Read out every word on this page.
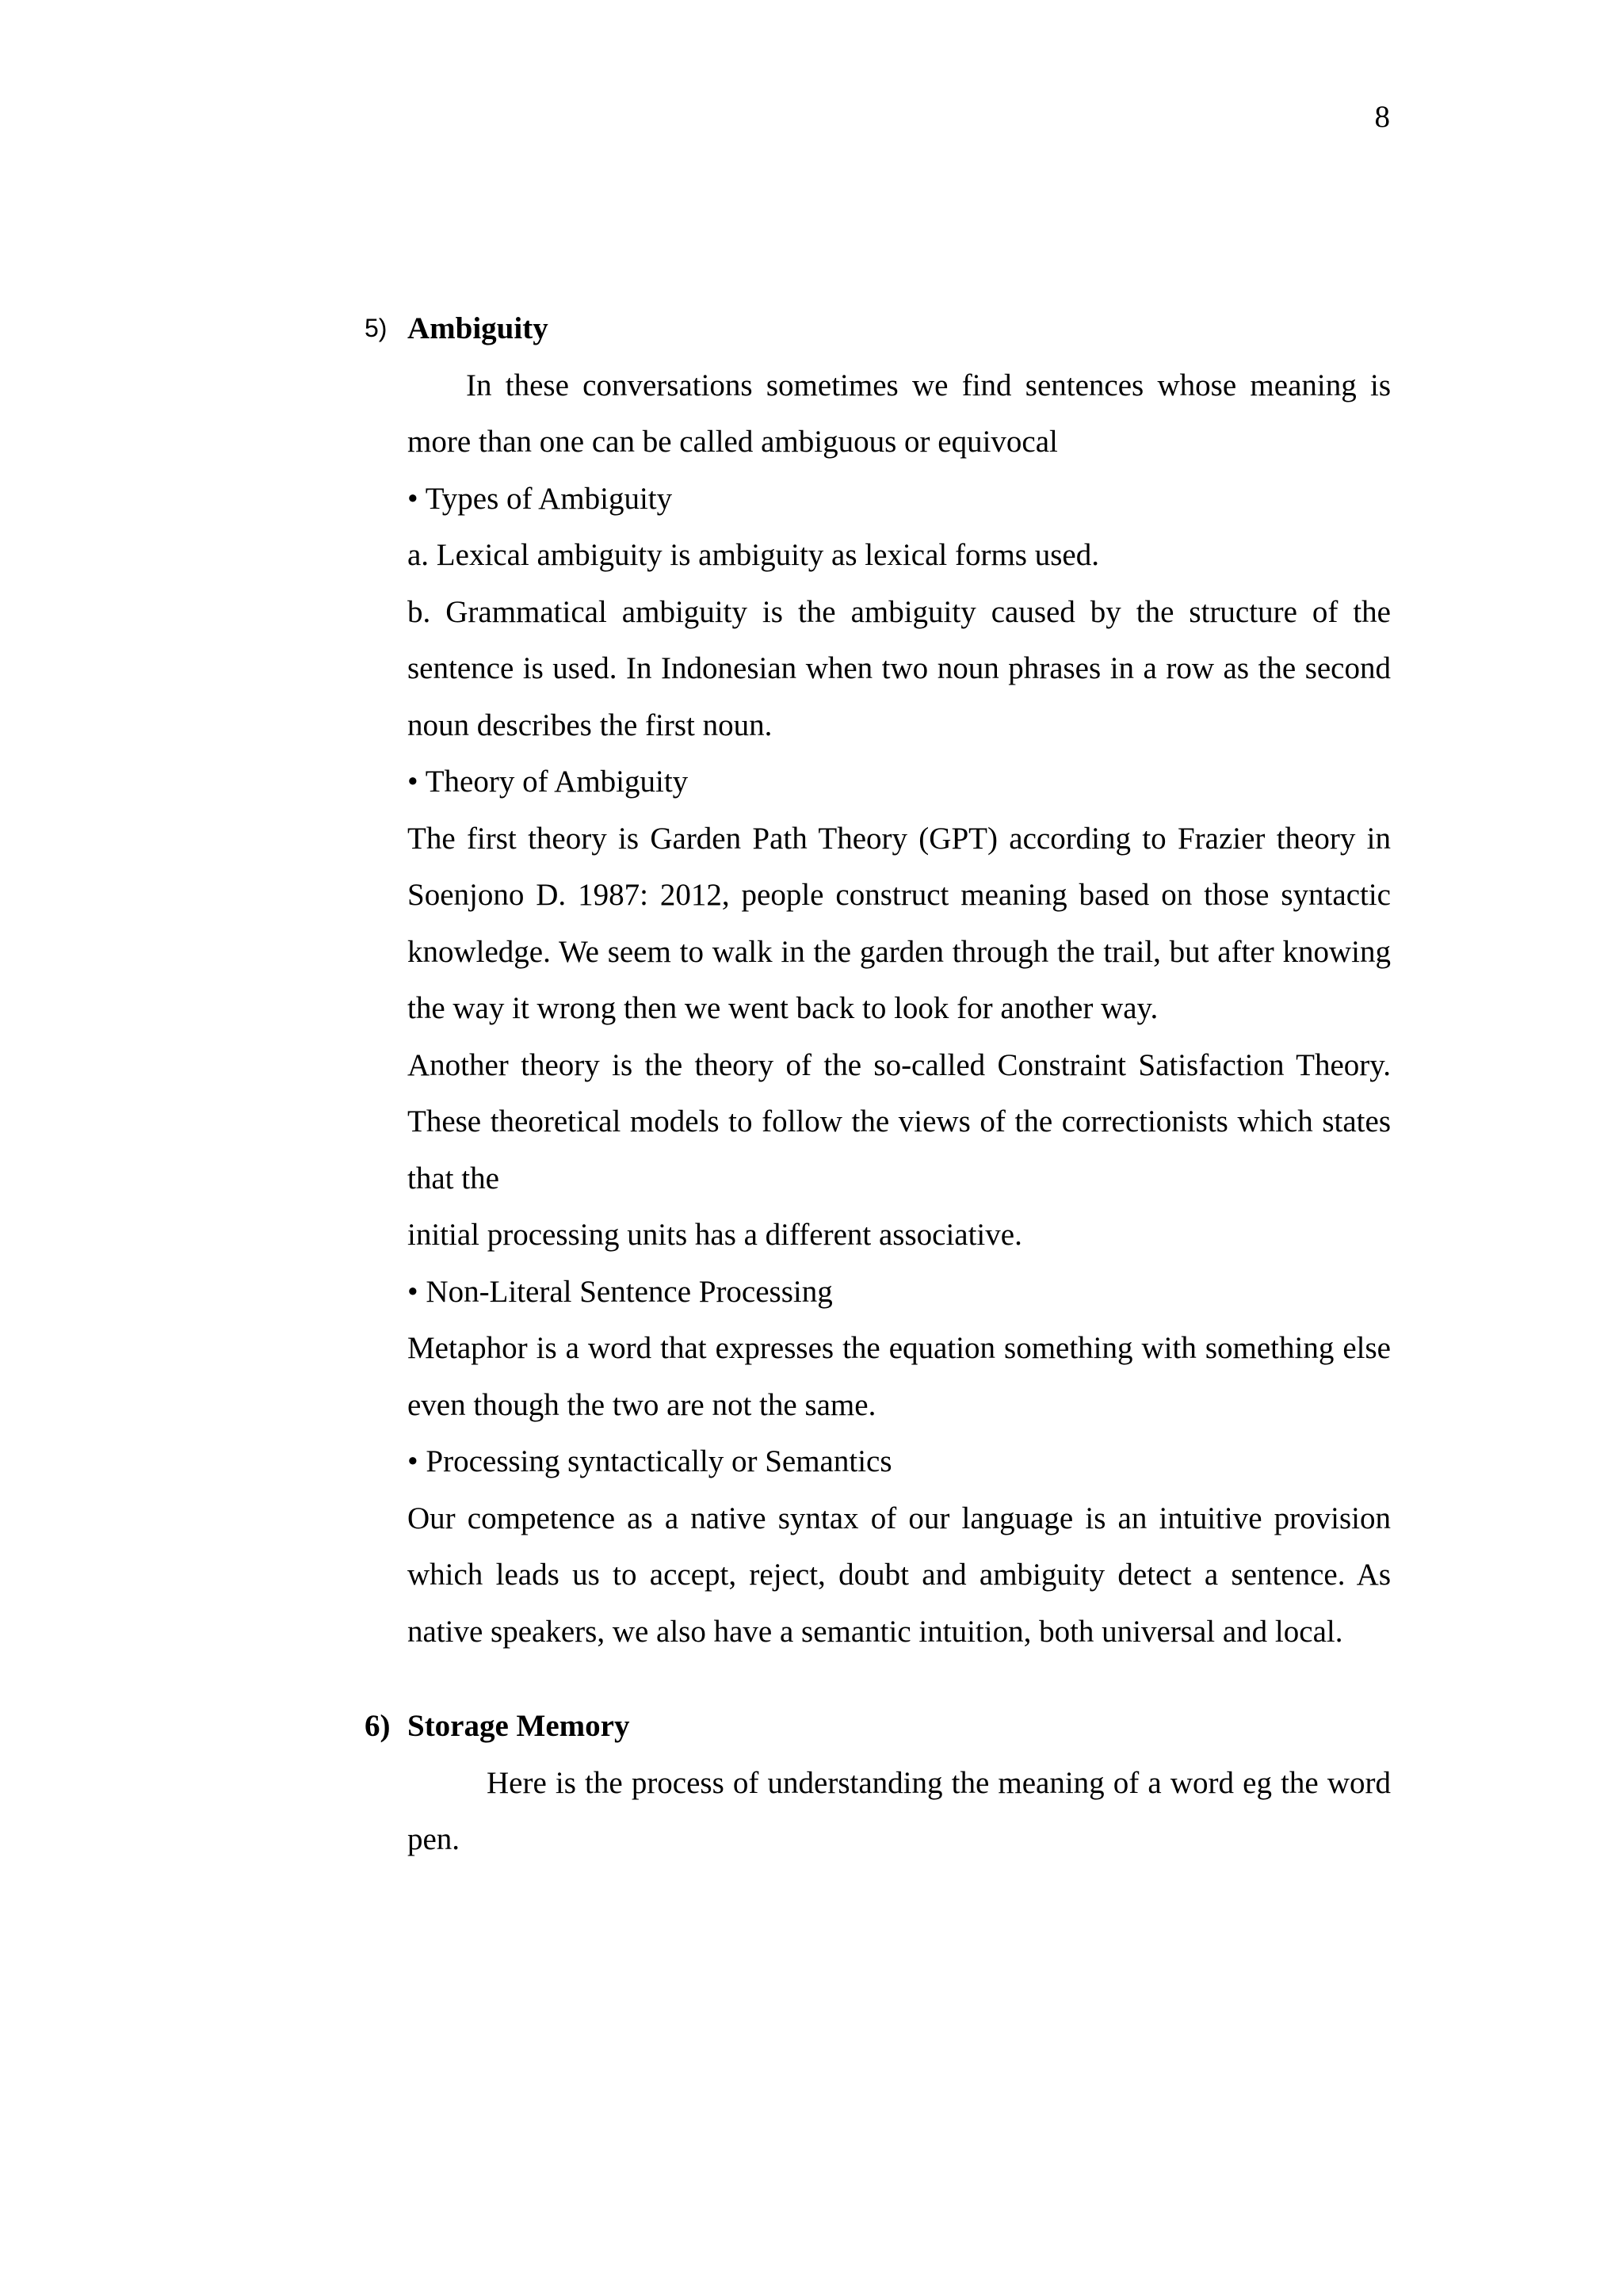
8
5) Ambiguity

In these conversations sometimes we find sentences whose meaning is more than one can be called ambiguous or equivocal

• Types of Ambiguity

a. Lexical ambiguity is ambiguity as lexical forms used.

b. Grammatical ambiguity is the ambiguity caused by the structure of the sentence is used. In Indonesian when two noun phrases in a row as the second noun describes the first noun.

• Theory of Ambiguity

The first theory is Garden Path Theory (GPT) according to Frazier theory in Soenjono D. 1987: 2012, people construct meaning based on those syntactic knowledge. We seem to walk in the garden through the trail, but after knowing the way it wrong then we went back to look for another way.

Another theory is the theory of the so-called Constraint Satisfaction Theory. These theoretical models to follow the views of the correctionists which states that the

initial processing units has a different associative.

• Non-Literal Sentence Processing

Metaphor is a word that expresses the equation something with something else even though the two are not the same.

• Processing syntactically or Semantics

Our competence as a native syntax of our language is an intuitive provision which leads us to accept, reject, doubt and ambiguity detect a sentence. As native speakers, we also have a semantic intuition, both universal and local.

6) Storage Memory

Here is the process of understanding the meaning of a word eg the word pen.
